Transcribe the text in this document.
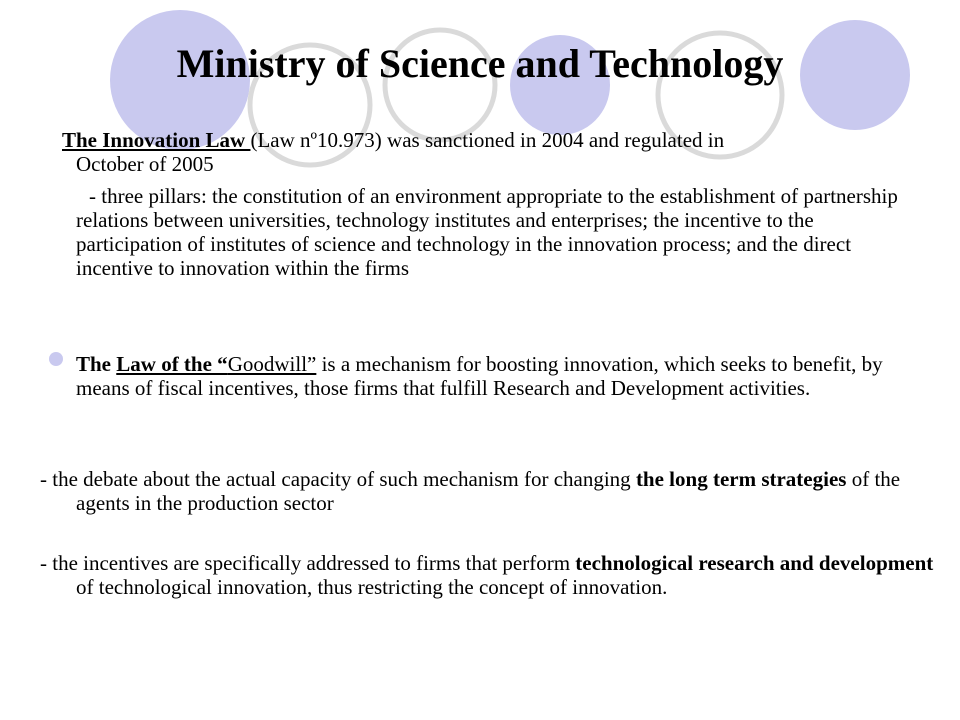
Ministry of Science and Technology

The Innovation Law (Law nº10.973) was sanctioned in 2004 and regulated in

October of 2005

- three pillars: the constitution of an environment appropriate to the establishment of partnership relations between universities, technology institutes and enterprises; the incentive to the participation of institutes of science and technology in the innovation process; and the direct incentive to innovation within the firms

The Law of the “Goodwill” is a mechanism for boosting innovation, which seeks to benefit, by means of fiscal incentives, those firms that fulfill Research and Development activities.

- the debate about the actual capacity of such mechanism for changing the long term strategies of the agents in the production sector

- the incentives are specifically addressed to firms that perform technological research and development of technological innovation, thus restricting the concept of innovation.
